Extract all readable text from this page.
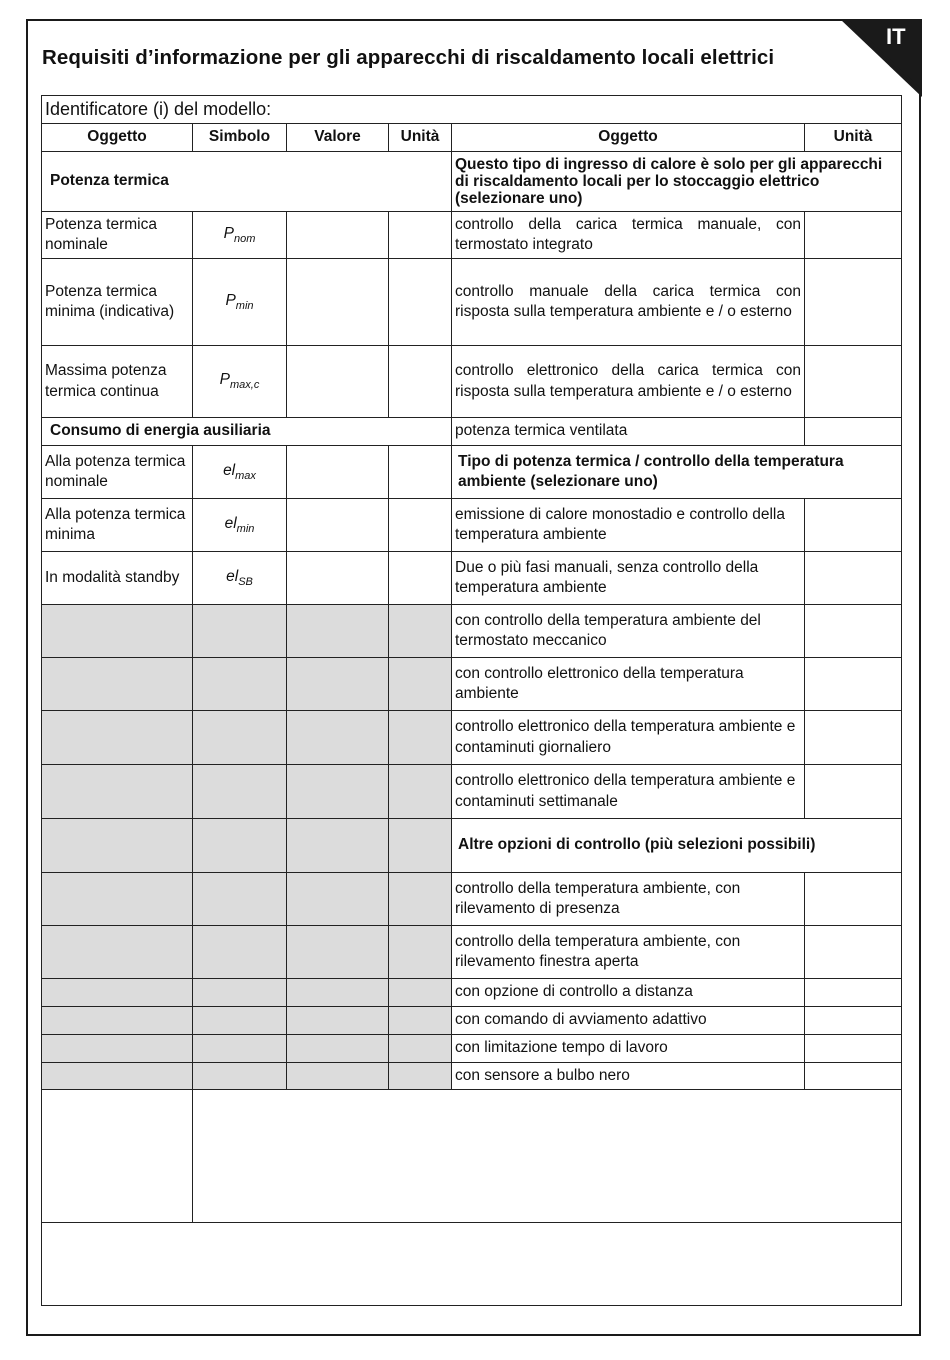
IT
Requisiti d’informazione per gli apparecchi di riscaldamento locali elettrici
Identificatore (i) del modello:					
Oggetto	Simbolo	Valore	Unità	Oggetto	Unità
Potenza termica				Questo tipo di ingresso di calore è solo per gli apparecchi di riscaldamento locali per lo stoccaggio elettrico (selezionare uno)	
Potenza termica nominale	$P_{nom}$			controllo della carica termica manuale, con termostato integrato	
Potenza termica minima (indicativa)	$P_{min}$			controllo manuale della carica termica con risposta sulla temperatura ambiente e / o esterno	
Massima potenza termica continua	$P_{max,c}$			controllo elettronico della carica termica con risposta sulla temperatura ambiente e / o esterno	
Consumo di energia ausiliaria				potenza termica ventilata	
Alla potenza termica nominale	$el_{max}$			Tipo di potenza termica / controllo della temperatura ambiente (selezionare uno)	
Alla potenza termica minima	$el_{min}$			emissione di calore monostadio e controllo della temperatura ambiente	
In modalità standby	$el_{SB}$			Due o più fasi manuali, senza controllo della temperatura ambiente	
				con controllo della temperatura ambiente del termostato meccanico	
				con controllo elettronico della temperatura ambiente	
				controllo elettronico della temperatura ambiente e contaminuti giornaliero	
				controllo elettronico della temperatura ambiente e contaminuti settimanale	
				Altre opzioni di controllo (più selezioni possibili)	
				controllo della temperatura ambiente, con rilevamento di presenza	
				controllo della temperatura ambiente, con rilevamento finestra aperta	
				con opzione di controllo a distanza	
				con comando di avviamento adattivo	
				con limitazione tempo di lavoro	
				con sensore a bulbo nero	
